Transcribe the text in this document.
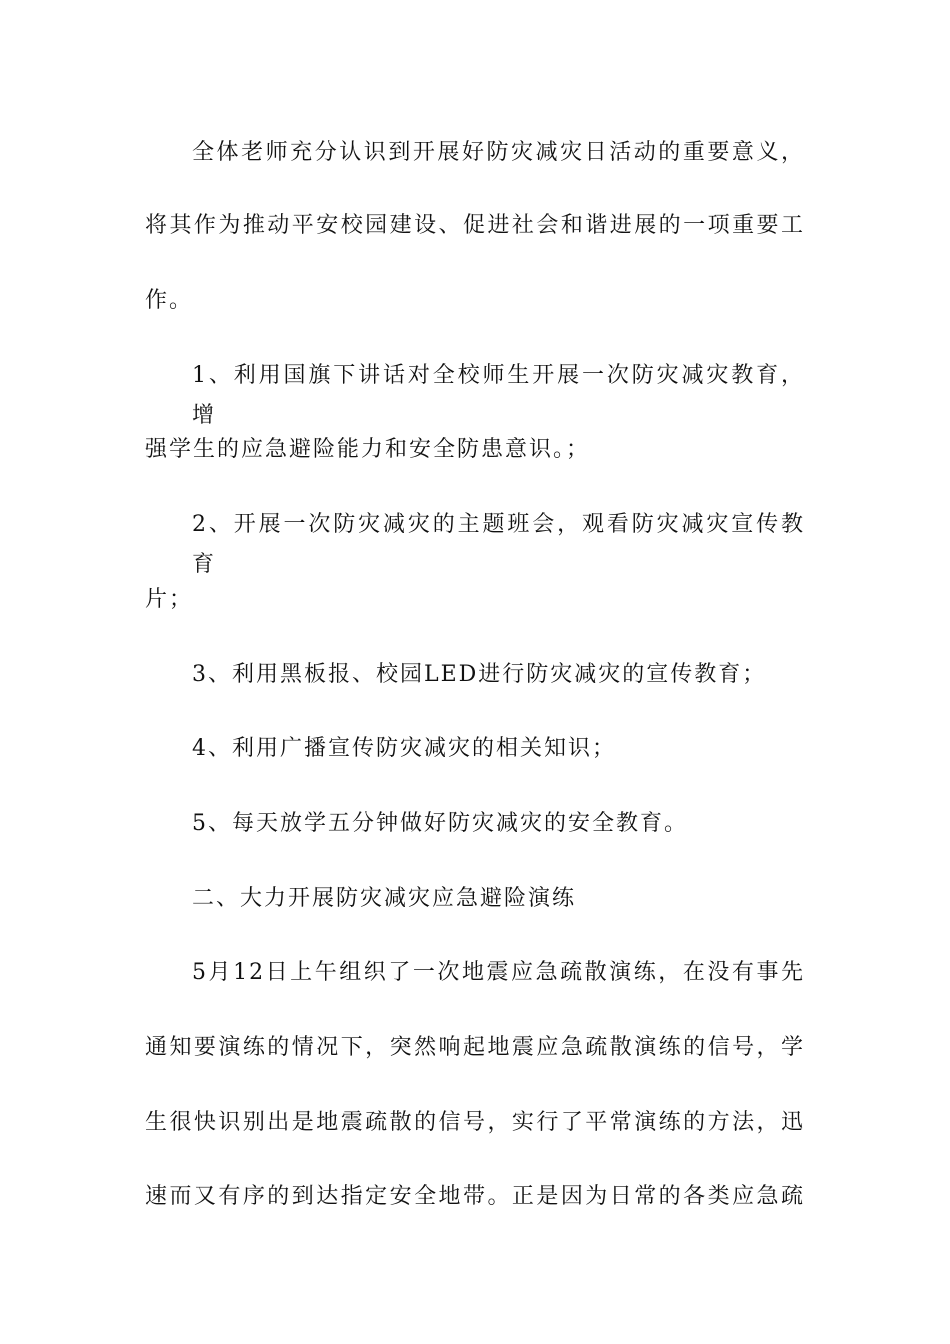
全体老师充分认识到开展好防灾减灾日活动的重要意义，
将其作为推动平安校园建设、促进社会和谐进展的一项重要工
作。
1、利用国旗下讲话对全校师生开展一次防灾减灾教育，增
强学生的应急避险能力和安全防患意识。；
2、开展一次防灾减灾的主题班会，观看防灾减灾宣传教育
片；
3、利用黑板报、校园LED进行防灾减灾的宣传教育；
4、利用广播宣传防灾减灾的相关知识；
5、每天放学五分钟做好防灾减灾的安全教育。
二、大力开展防灾减灾应急避险演练
5月12日上午组织了一次地震应急疏散演练，在没有事先
通知要演练的情况下，突然响起地震应急疏散演练的信号，学
生很快识别出是地震疏散的信号，实行了平常演练的方法，迅
速而又有序的到达指定安全地带。正是因为日常的各类应急疏
